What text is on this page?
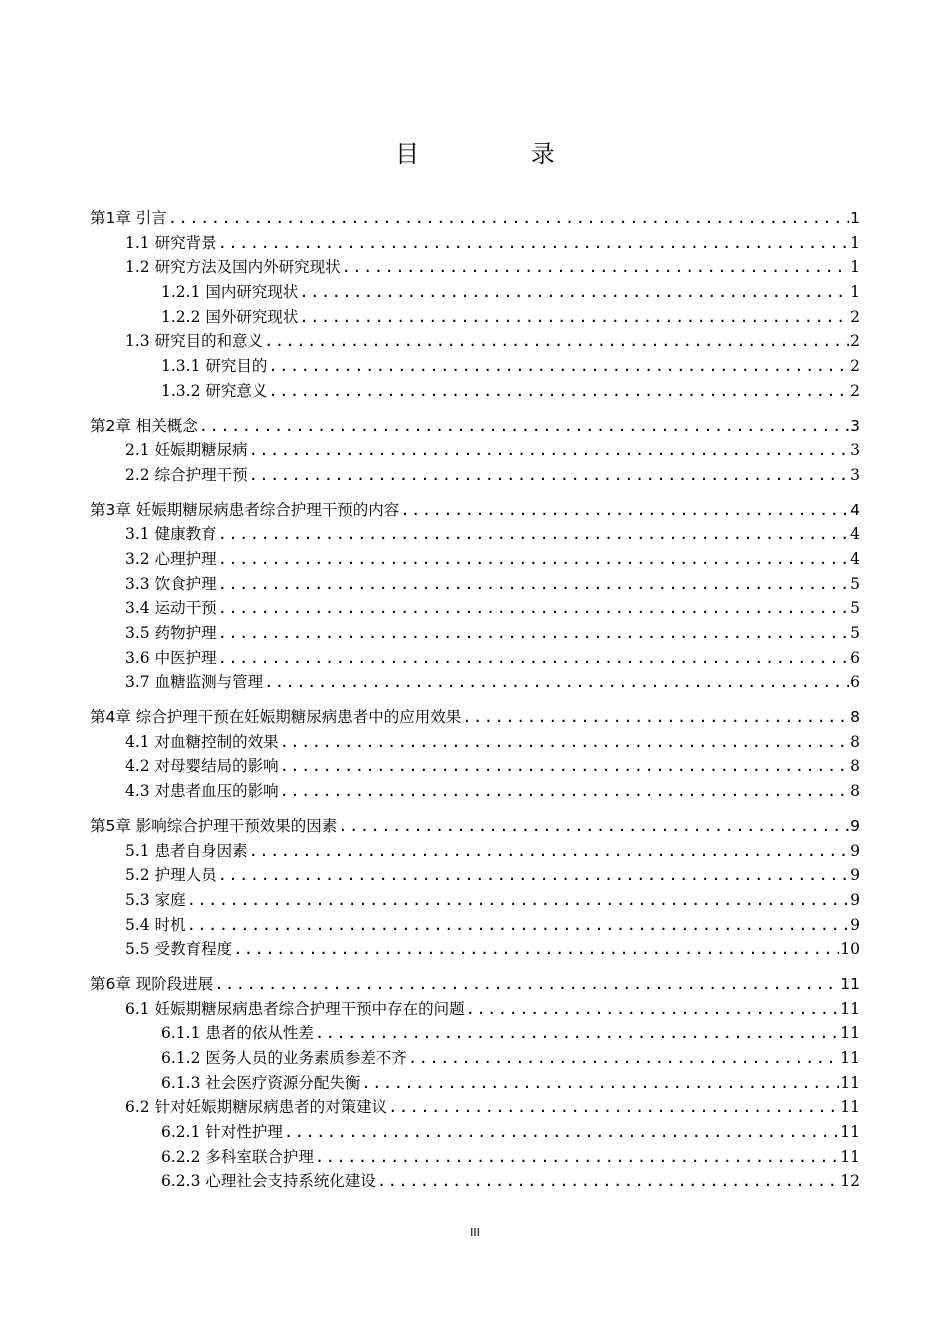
目 录
第1章 引言 .....	1
1.1 研究背景 .....	1
1.2 研究方法及国内外研究现状 .....	1
1.2.1 国内研究现状 .....	1
1.2.2 国外研究现状 .....	2
1.3 研究目的和意义 .....	2
1.3.1 研究目的 .....	2
1.3.2 研究意义 .....	2
第2章 相关概念 .....	3
2.1 妊娠期糖尿病 .....	3
2.2 综合护理干预 .....	3
第3章 妊娠期糖尿病患者综合护理干预的内容 .....	4
3.1 健康教育 .....	4
3.2 心理护理 .....	4
3.3 饮食护理 .....	5
3.4 运动干预 .....	5
3.5 药物护理 .....	5
3.6 中医护理 .....	6
3.7 血糖监测与管理 .....	6
第4章 综合护理干预在妊娠期糖尿病患者中的应用效果 .....	8
4.1 对血糖控制的效果 .....	8
4.2 对母婴结局的影响 .....	8
4.3 对患者血压的影响 .....	8
第5章 影响综合护理干预效果的因素 .....	9
5.1 患者自身因素 .....	9
5.2 护理人员 .....	9
5.3 家庭 .....	9
5.4 时机 .....	9
5.5 受教育程度 .....	10
第6章 现阶段进展 .....	11
6.1 妊娠期糖尿病患者综合护理干预中存在的问题 .....	11
6.1.1 患者的依从性差 .....	11
6.1.2 医务人员的业务素质参差不齐 .....	11
6.1.3 社会医疗资源分配失衡 .....	11
6.2 针对妊娠期糖尿病患者的对策建议 .....	11
6.2.1 针对性护理 .....	11
6.2.2 多科室联合护理 .....	11
6.2.3 心理社会支持系统化建设 .....	12
III
